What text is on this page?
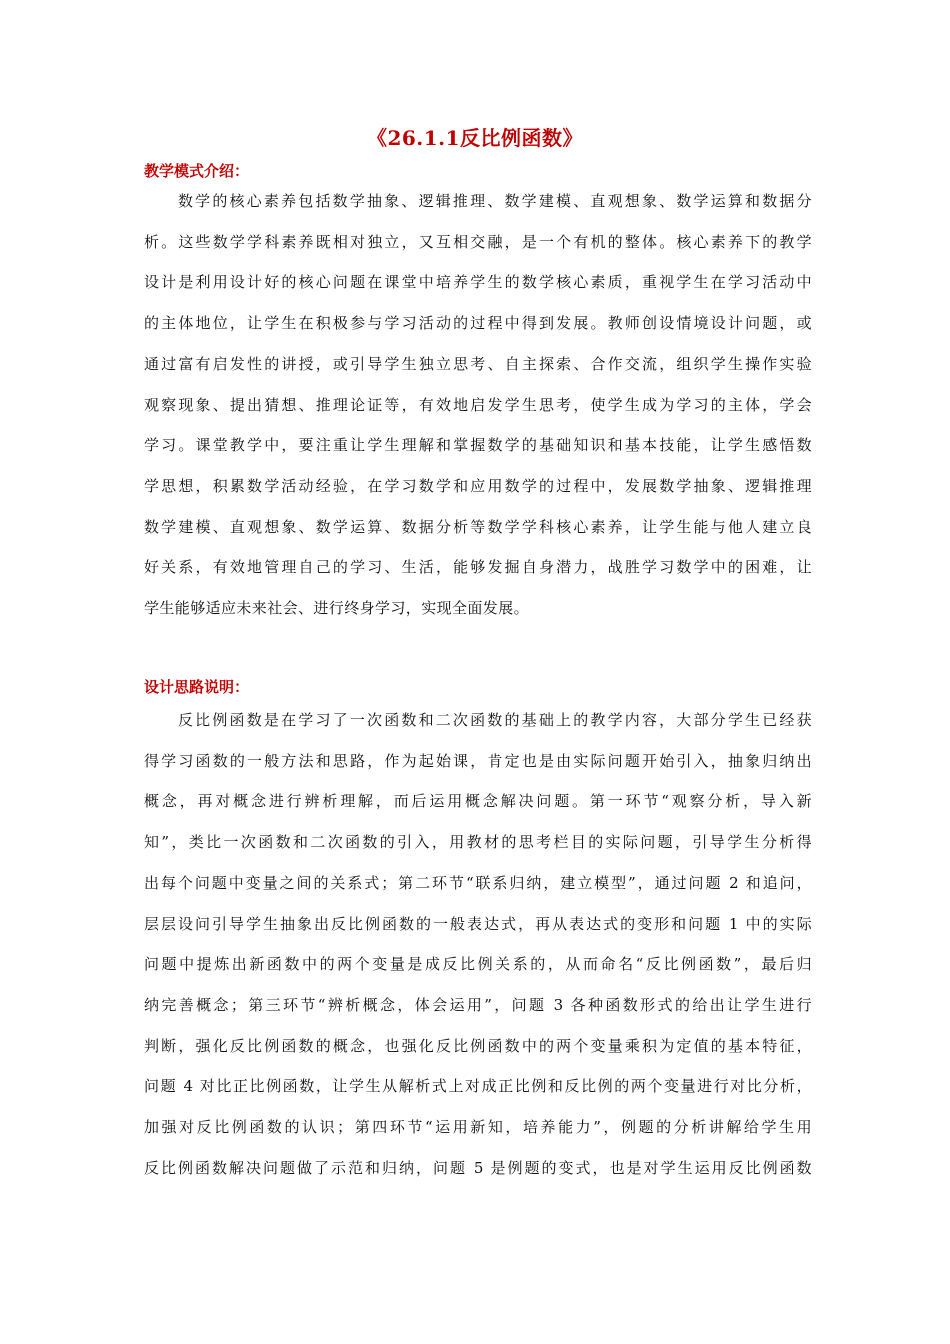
《26.1.1反比例函数》
教学模式介绍：
数学的核心素养包括数学抽象、逻辑推理、数学建模、直观想象、数学运算和数据分
析。这些数学学科素养既相对独立，又互相交融，是一个有机的整体。核心素养下的教学
设计是利用设计好的核心问题在课堂中培养学生的数学核心素质，重视学生在学习活动中
的主体地位，让学生在积极参与学习活动的过程中得到发展。教师创设情境设计问题，或
通过富有启发性的讲授，或引导学生独立思考、自主探索、合作交流，组织学生操作实验
观察现象、提出猜想、推理论证等，有效地启发学生思考，使学生成为学习的主体，学会
学习。课堂教学中，要注重让学生理解和掌握数学的基础知识和基本技能，让学生感悟数
学思想，积累数学活动经验，在学习数学和应用数学的过程中，发展数学抽象、逻辑推理
数学建模、直观想象、数学运算、数据分析等数学学科核心素养，让学生能与他人建立良
好关系，有效地管理自己的学习、生活，能够发掘自身潜力，战胜学习数学中的困难，让
学生能够适应未来社会、进行终身学习，实现全面发展。
设计思路说明：
反比例函数是在学习了一次函数和二次函数的基础上的教学内容，大部分学生已经获
得学习函数的一般方法和思路，作为起始课，肯定也是由实际问题开始引入，抽象归纳出
概念，再对概念进行辨析理解，而后运用概念解决问题。第一环节“观察分析，导入新
知”，类比一次函数和二次函数的引入，用教材的思考栏目的实际问题，引导学生分析得
出每个问题中变量之间的关系式；第二环节“联系归纳，建立模型”，通过问题 2 和追问，
层层设问引导学生抽象出反比例函数的一般表达式，再从表达式的变形和问题 1 中的实际
问题中提炼出新函数中的两个变量是成反比例关系的，从而命名“反比例函数”，最后归
纳完善概念；第三环节“辨析概念，体会运用”，问题 3 各种函数形式的给出让学生进行
判断，强化反比例函数的概念，也强化反比例函数中的两个变量乘积为定值的基本特征，
问题 4 对比正比例函数，让学生从解析式上对成正比例和反比例的两个变量进行对比分析，
加强对反比例函数的认识；第四环节“运用新知，培养能力”，例题的分析讲解给学生用
反比例函数解决问题做了示范和归纳，问题 5 是例题的变式，也是对学生运用反比例函数
